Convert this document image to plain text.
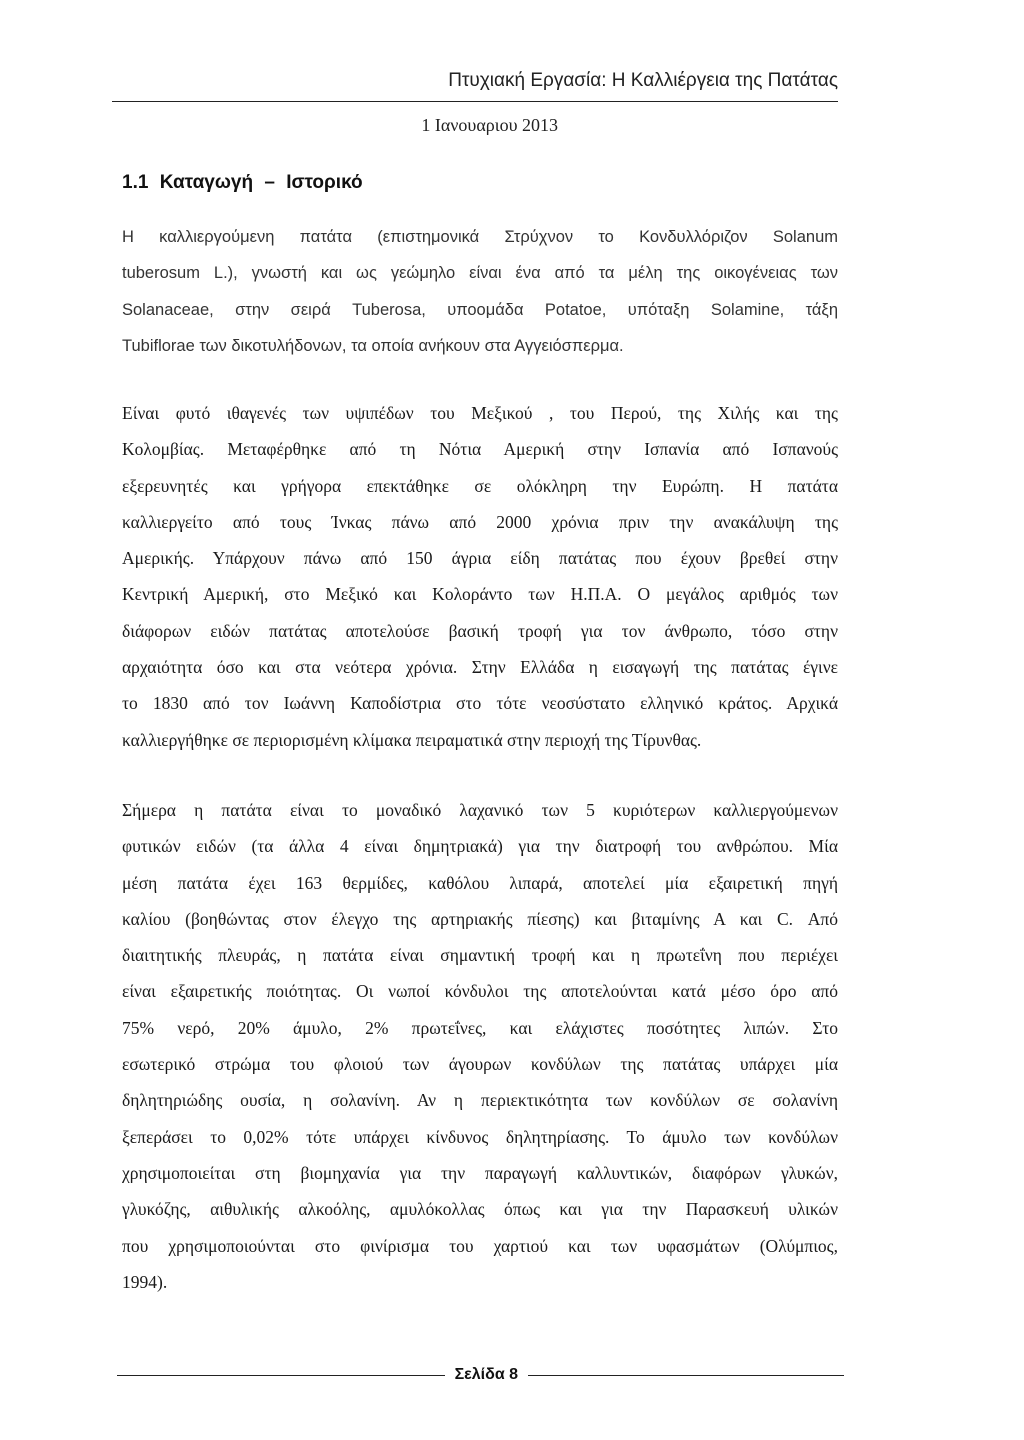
Πτυχιακή Εργασία: Η Καλλιέργεια της Πατάτας
1 Ιανουαριου 2013
1.1 Καταγωγή – Ιστορικό
Η καλλιεργούμενη πατάτα (επιστημονικά Στρύχνον το Κονδυλλόριζον Solanum
tuberosum L.), γνωστή και ως γεώμηλο είναι ένα από τα μέλη της οικογένειας των
Solanaceae, στην σειρά Tuberosa, υποομάδα Potatoe, υπόταξη Solamine, τάξη
Tubiflorae των δικοτυλήδονων, τα οποία ανήκουν στα Αγγειόσπερμα.
Είναι φυτό ιθαγενές των υψιπέδων του Μεξικού , του Περού, της Χιλής και της
Κολομβίας. Μεταφέρθηκε από τη Νότια Αμερική στην Ισπανία από Ισπανούς
εξερευνητές και γρήγορα επεκτάθηκε σε ολόκληρη την Ευρώπη. Η πατάτα
καλλιεργείτο από τους Ίνκας πάνω από 2000 χρόνια πριν την ανακάλυψη της
Αμερικής. Υπάρχουν πάνω από 150 άγρια είδη πατάτας που έχουν βρεθεί στην
Κεντρική Αμερική, στο Μεξικό και Κολοράντο των Η.Π.Α. Ο μεγάλος αριθμός των
διάφορων ειδών πατάτας αποτελούσε βασική τροφή για τον άνθρωπο, τόσο στην
αρχαιότητα όσο και στα νεότερα χρόνια. Στην Ελλάδα η εισαγωγή της πατάτας έγινε
το 1830 από τον Ιωάννη Καποδίστρια στο τότε νεοσύστατο ελληνικό κράτος. Αρχικά
καλλιεργήθηκε σε περιορισμένη κλίμακα πειραματικά στην περιοχή της Τίρυνθας.
Σήμερα η πατάτα είναι το μοναδικό λαχανικό των 5 κυριότερων καλλιεργούμενων
φυτικών ειδών (τα άλλα 4 είναι δημητριακά) για την διατροφή του ανθρώπου. Μία
μέση πατάτα έχει 163 θερμίδες, καθόλου λιπαρά, αποτελεί μία εξαιρετική πηγή
καλίου (βοηθώντας στον έλεγχο της αρτηριακής πίεσης) και βιταμίνης Α και C. Από
διαιτητικής πλευράς, η πατάτα είναι σημαντική τροφή και η πρωτεΐνη που περιέχει
είναι εξαιρετικής ποιότητας. Οι νωποί κόνδυλοι της αποτελούνται κατά μέσο όρο από
75% νερό, 20% άμυλο, 2% πρωτεΐνες, και ελάχιστες ποσότητες λιπών. Στο
εσωτερικό στρώμα του φλοιού των άγουρων κονδύλων της πατάτας υπάρχει μία
δηλητηριώδης ουσία, η σολανίνη. Αν η περιεκτικότητα των κονδύλων σε σολανίνη
ξεπεράσει το 0,02% τότε υπάρχει κίνδυνος δηλητηρίασης. Το άμυλο των κονδύλων
χρησιμοποιείται στη βιομηχανία για την παραγωγή καλλυντικών, διαφόρων γλυκών,
γλυκόζης, αιθυλικής αλκοόλης, αμυλόκολλας όπως και για την Παρασκευή υλικών
που χρησιμοποιούνται στο φινίρισμα του χαρτιού και των υφασμάτων (Ολύμπιος,
1994).
Σελίδα 8
